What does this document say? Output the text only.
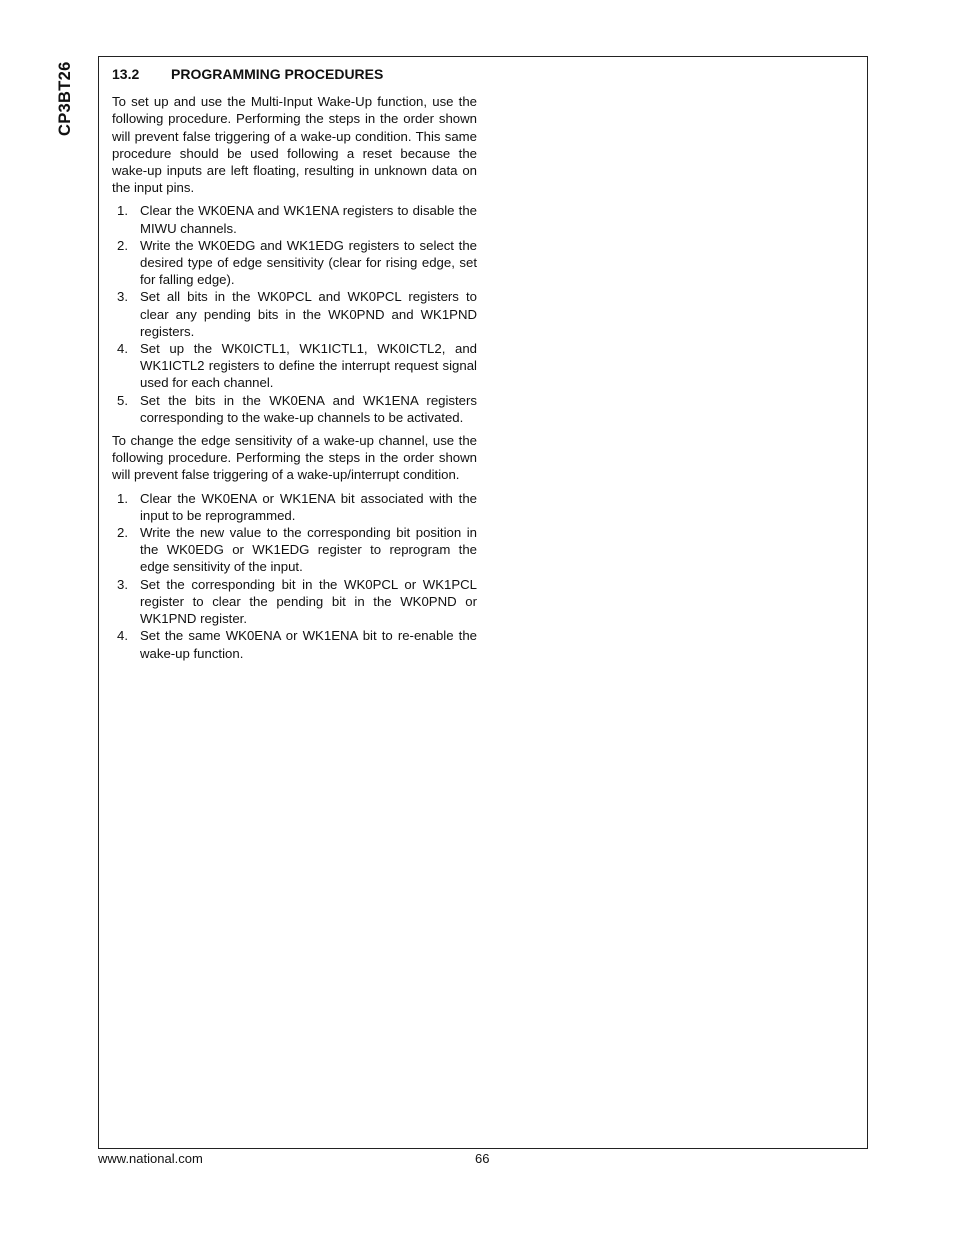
CP3BT26	13.2	PROGRAMMING PROCEDURES

To set up and use the Multi-Input Wake-Up function, use the following procedure. Performing the steps in the order shown will prevent false triggering of a wake-up condition. This same procedure should be used following a reset because the wake-up inputs are left floating, resulting in unknown data on the input pins.

1. Clear the WK0ENA and WK1ENA registers to disable the MIWU channels.
2. Write the WK0EDG and WK1EDG registers to select the desired type of edge sensitivity (clear for rising edge, set for falling edge).
3. Set all bits in the WK0PCL and WK0PCL registers to clear any pending bits in the WK0PND and WK1PND registers.
4. Set up the WK0ICTL1, WK1ICTL1, WK0ICTL2, and WK1ICTL2 registers to define the interrupt request signal used for each channel.
5. Set the bits in the WK0ENA and WK1ENA registers corresponding to the wake-up channels to be activated.

To change the edge sensitivity of a wake-up channel, use the following procedure. Performing the steps in the order shown will prevent false triggering of a wake-up/interrupt condition.

1. Clear the WK0ENA or WK1ENA bit associated with the input to be reprogrammed.
2. Write the new value to the corresponding bit position in the WK0EDG or WK1EDG register to reprogram the edge sensitivity of the input.
3. Set the corresponding bit in the WK0PCL or WK1PCL register to clear the pending bit in the WK0PND or WK1PND register.
4. Set the same WK0ENA or WK1ENA bit to re-enable the wake-up function.
www.national.com	66
